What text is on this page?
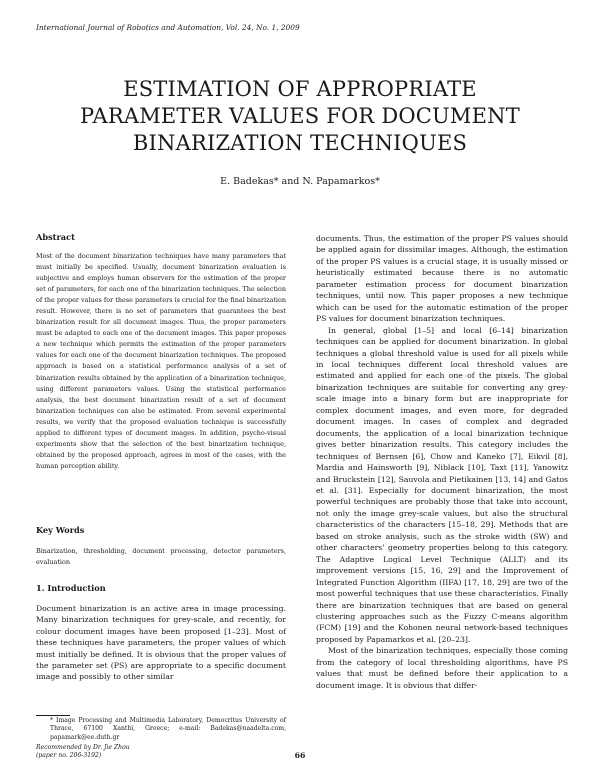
International Journal of Robotics and Automation, Vol. 24, No. 1, 2009
ESTIMATION OF APPROPRIATE
PARAMETER VALUES FOR DOCUMENT
BINARIZATION TECHNIQUES
E. Badekas* and N. Papamarkos*
Abstract
Most of the document binarization techniques have many parameters that must initially be specified. Usually, document binarization evaluation is subjective and employs human observers for the estimation of the proper set of parameters, for each one of the binarization techniques. The selection of the proper values for these parameters is crucial for the final binarization result. However, there is no set of parameters that guarantees the best binarization result for all document images. Thus, the proper parameters must be adapted to each one of the document images. This paper proposes a new technique which permits the estimation of the proper parameters values for each one of the document binarization techniques. The proposed approach is based on a statistical performance analysis of a set of binarization results obtained by the application of a binarization technique, using different parameters values. Using the statistical performance analysis, the best document binarization result of a set of document binarization techniques can also be estimated. From several experimental results, we verify that the proposed evaluation technique is successfully applied to different types of document images. In addition, psycho-visual experiments show that the selection of the best binarization technique, obtained by the proposed approach, agrees in most of the cases, with the human perception ability.
Key Words
Binarization, thresholding, document processing, detector parameters, evaluation
1. Introduction
Document binarization is an active area in image processing. Many binarization techniques for grey-scale, and recently, for colour document images have been proposed [1–23]. Most of these techniques have parameters, the proper values of which must initially be defined. It is obvious that the proper values of the parameter set (PS) are appropriate to a specific document image and possibly to other similar
* Image Processing and Multimedia Laboratory, Democritus University of Thrace, 67100 Xanthi, Greece; e-mail: Badekas@naadelta.com, papamark@ee.duth.gr
Recommended by Dr. Jie Zhou
(paper no. 206-3192)

documents. Thus, the estimation of the proper PS values should be applied again for dissimilar images. Although, the estimation of the proper PS values is a crucial stage, it is usually missed or heuristically estimated because there is no automatic parameter estimation process for document binarization techniques, until now. This paper proposes a new technique which can be used for the automatic estimation of the proper PS values for document binarization techniques.

In general, global [1–5] and local [6–14] binarization techniques can be applied for document binarization. In global techniques a global threshold value is used for all pixels while in local techniques different local threshold values are estimated and applied for each one of the pixels. The global binarization techniques are suitable for converting any grey-scale image into a binary form but are inappropriate for complex document images, and even more, for degraded document images. In cases of complex and degraded documents, the application of a local binarization technique gives better binarization results. This category includes the techniques of Bernsen [6], Chow and Kaneko [7], Eikvil [8], Mardia and Hainsworth [9], Niblack [10], Taxt [11], Yanowitz and Bruckstein [12], Sauvola and Pietikainen [13, 14] and Gatos et al. [31]. Especially for document binarization, the most powerful techniques are probably those that take into account, not only the image grey-scale values, but also the structural characteristics of the characters [15–18, 29]. Methods that are based on stroke analysis, such as the stroke width (SW) and other characters' geometry properties belong to this category. The Adaptive Logical Level Technique (ALLT) and its improvement versions [15, 16, 29] and the Improvement of Integrated Function Algorithm (IIFA) [17, 18, 29] are two of the most powerful techniques that use these characteristics. Finally there are binarization techniques that are based on general clustering approaches such as the Fuzzy C-means algorithm (FCM) [19] and the Kohonen neural network-based techniques proposed by Papamarkos et al. [20–23].

Most of the binarization techniques, especially those coming from the category of local thresholding algorithms, have PS values that must be defined before their application to a document image. It is obvious that differ-

66
